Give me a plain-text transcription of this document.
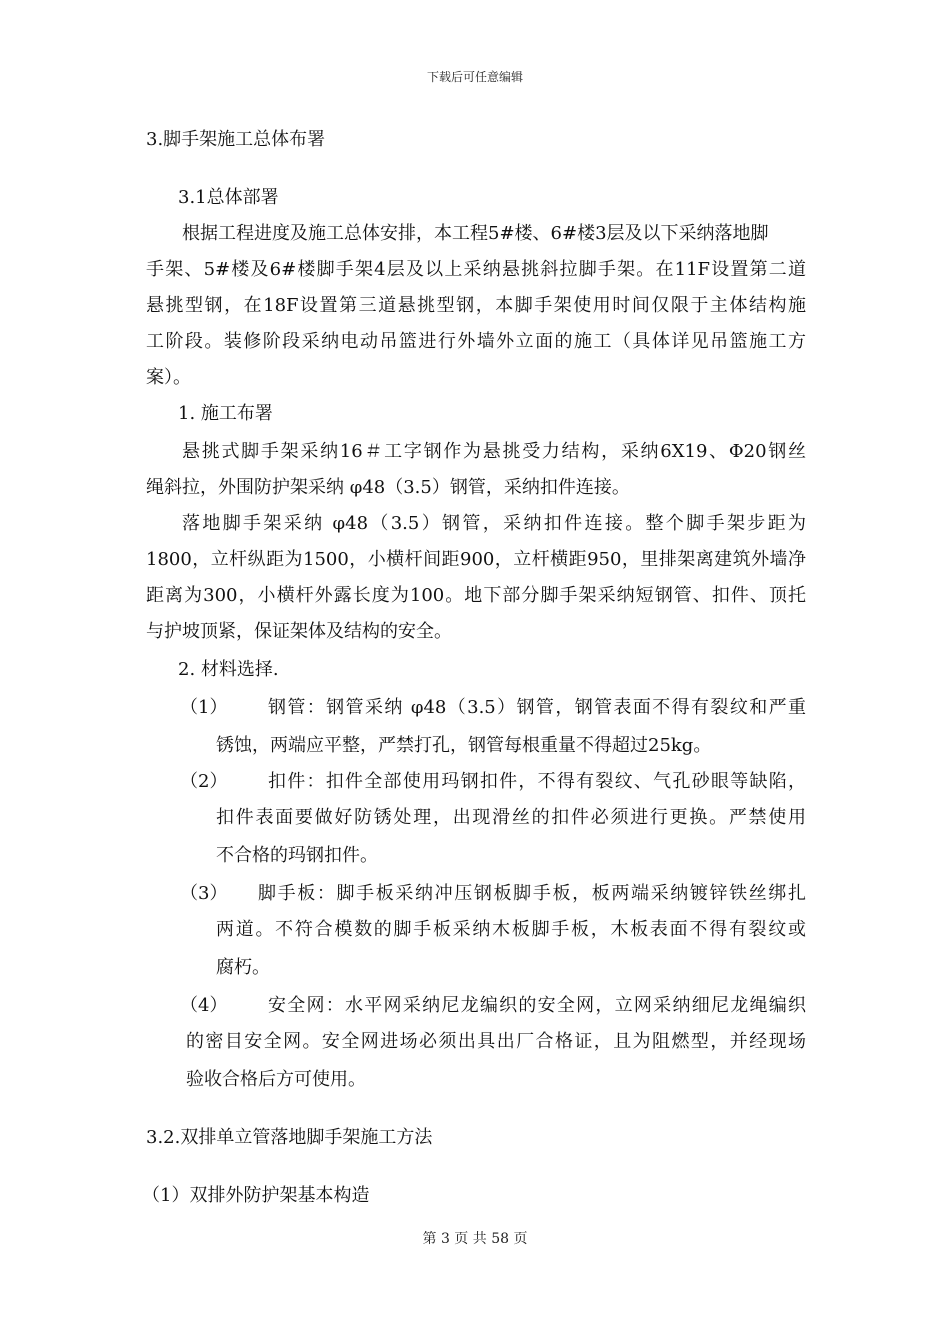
下载后可任意编辑
3.脚手架施工总体布署
3.1总体部署
根据工程进度及施工总体安排，本工程5#楼、6#楼3层及以下采纳落地脚
手架、5#楼及6#楼脚手架4层及以上采纳悬挑斜拉脚手架。在11F设置第二道
悬挑型钢，在18F设置第三道悬挑型钢，本脚手架使用时间仅限于主体结构施
工阶段。装修阶段采纳电动吊篮进行外墙外立面的施工（具体详见吊篮施工方
案）。
1. 施工布署
悬挑式脚手架采纳16＃工字钢作为悬挑受力结构，采纳6X19、Φ20钢丝
绳斜拉，外围防护架采纳 φ48（3.5）钢管，采纳扣件连接。
落地脚手架采纳 φ48（3.5）钢管，采纳扣件连接。整个脚手架步距为
1800，立杆纵距为1500，小横杆间距900，立杆横距950，里排架离建筑外墙净
距离为300，小横杆外露长度为100。地下部分脚手架采纳短钢管、扣件、顶托
与护坡顶紧，保证架体及结构的安全。
2. 材料选择.
（1） 钢管：钢管采纳 φ48（3.5）钢管，钢管表面不得有裂纹和严重
锈蚀，两端应平整，严禁打孔，钢管每根重量不得超过25kg。
（2） 扣件：扣件全部使用玛钢扣件，不得有裂纹、气孔砂眼等缺陷，
扣件表面要做好防锈处理，出现滑丝的扣件必须进行更换。严禁使用
不合格的玛钢扣件。
（3） 脚手板：脚手板采纳冲压钢板脚手板，板两端采纳镀锌铁丝绑扎
两道。不符合模数的脚手板采纳木板脚手板，木板表面不得有裂纹或
腐朽。
（4） 安全网：水平网采纳尼龙编织的安全网，立网采纳细尼龙绳编织
的密目安全网。安全网进场必须出具出厂合格证，且为阻燃型，并经现场
验收合格后方可使用。
3.2.双排单立管落地脚手架施工方法
（1）双排外防护架基本构造
第 3 页 共 58 页
